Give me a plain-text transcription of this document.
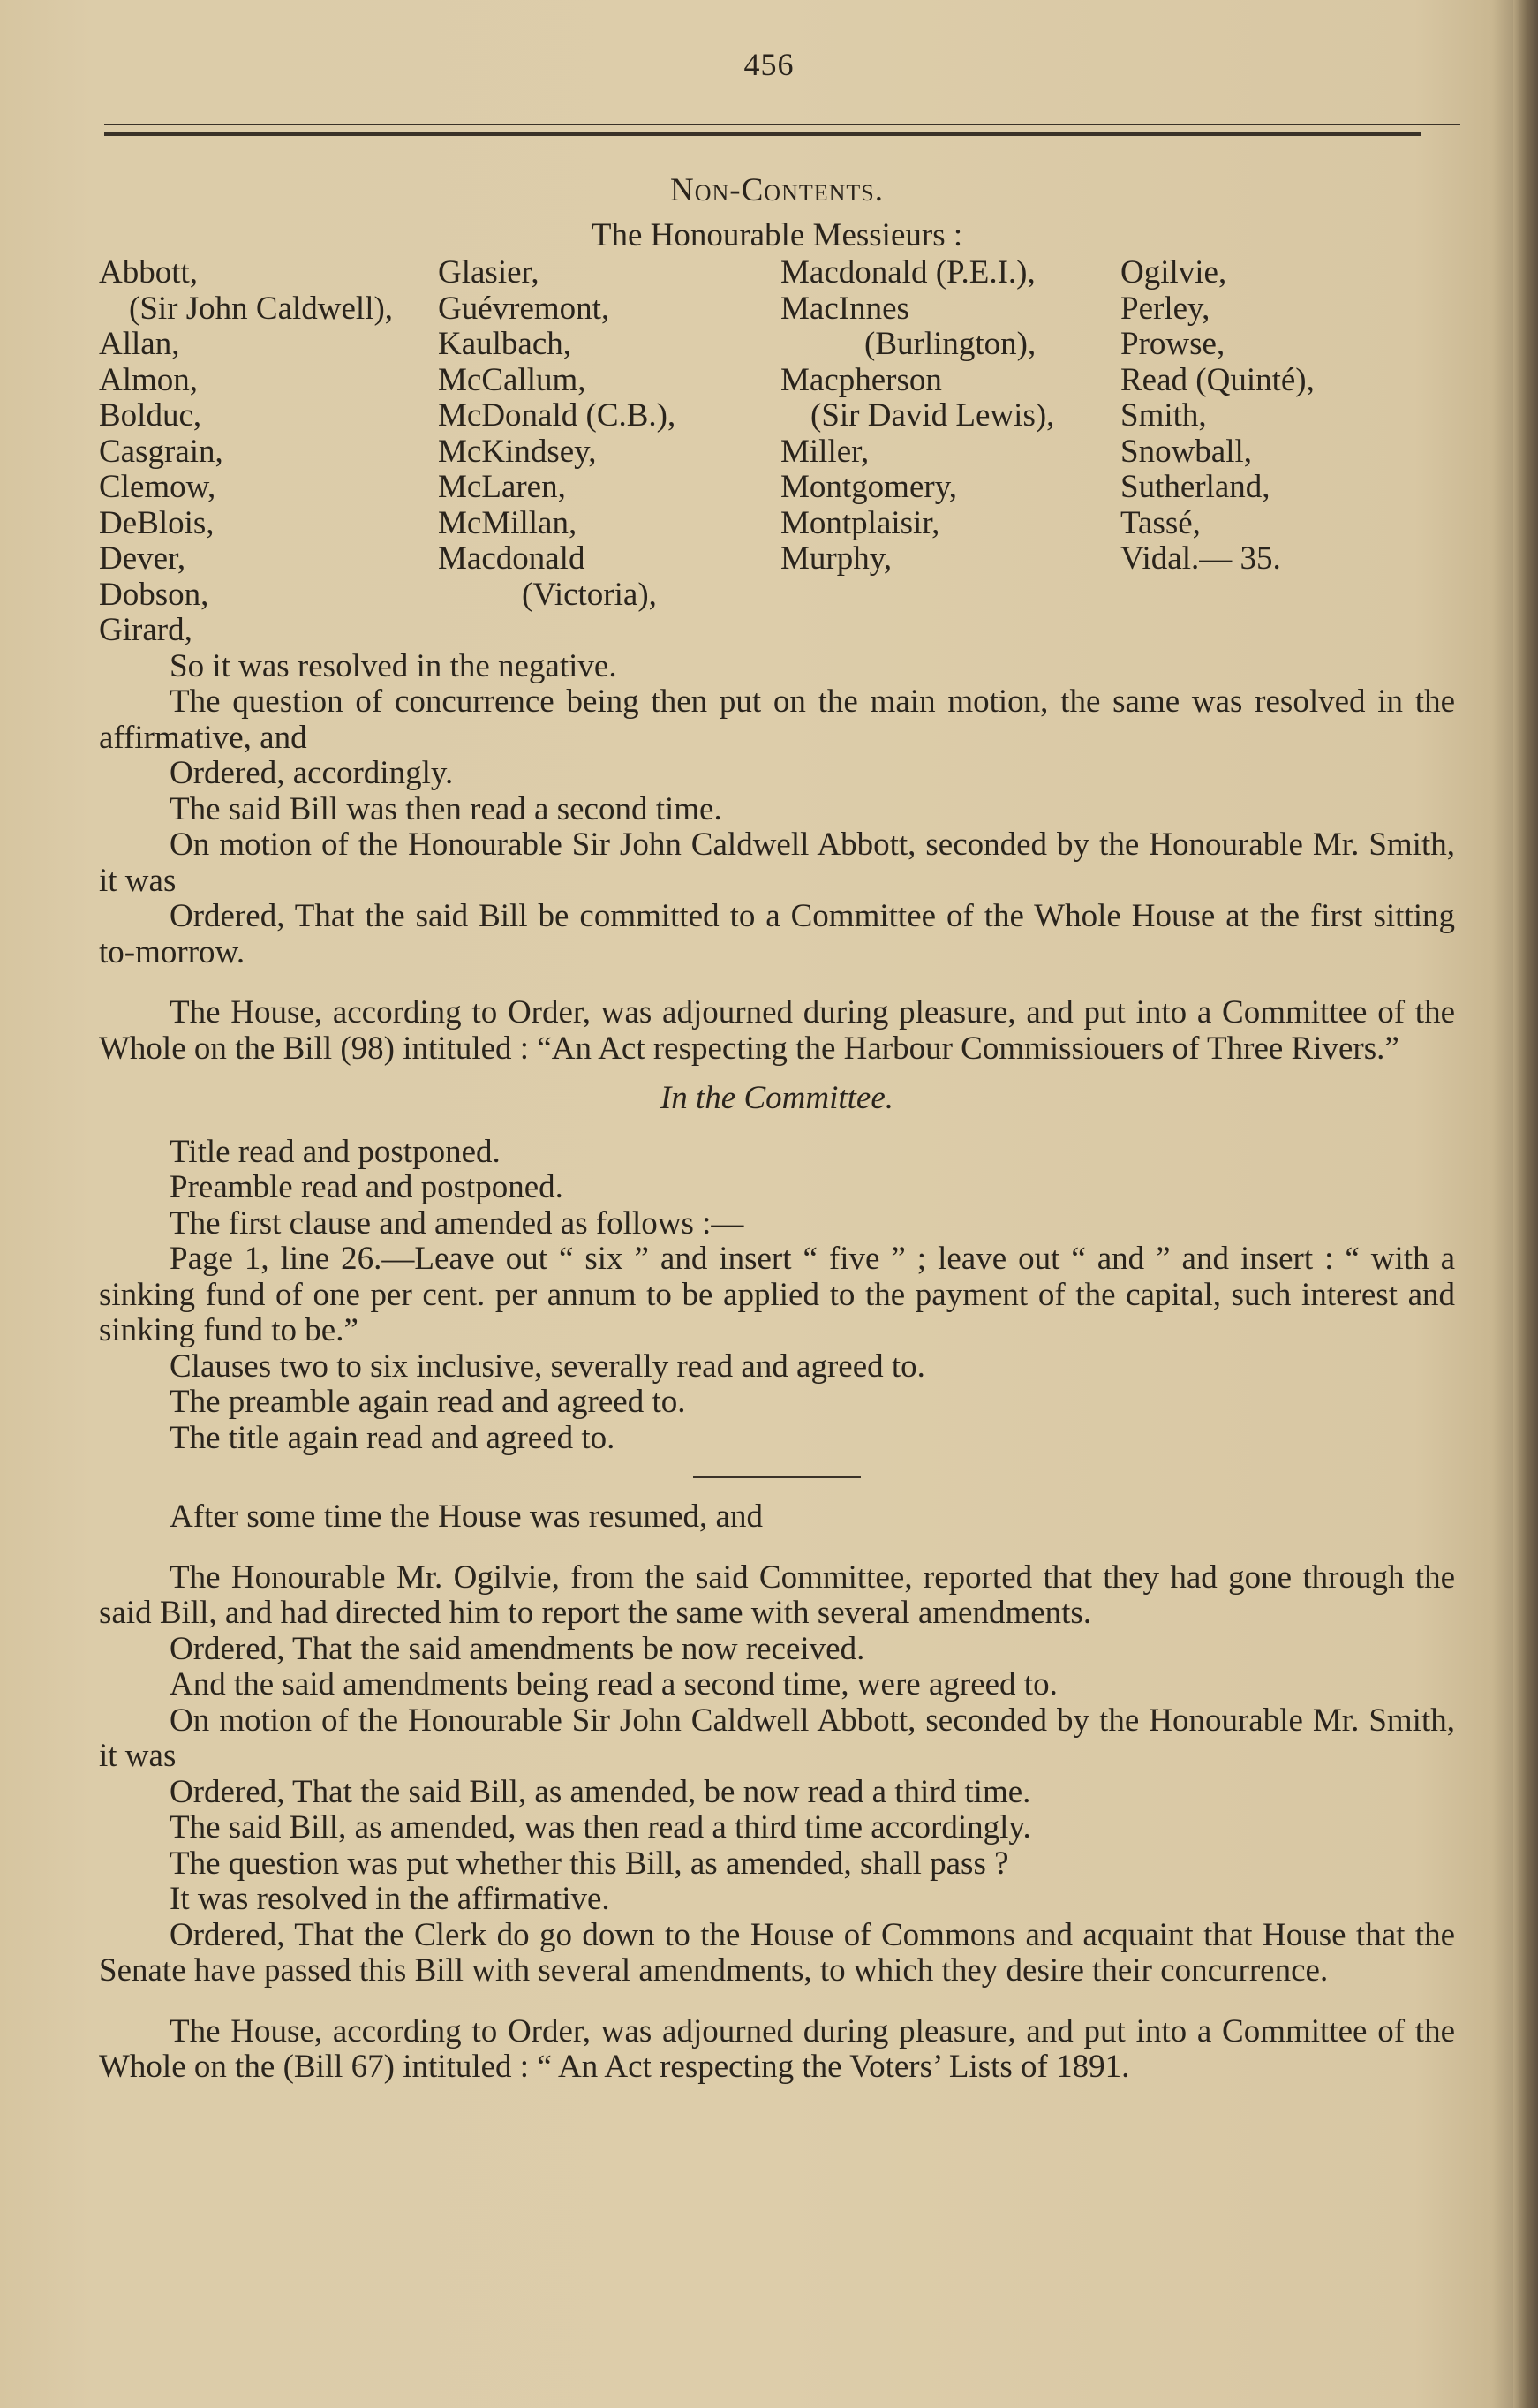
456
Non-Contents.
The Honourable Messieurs :
Abbott,
(Sir John Caldwell),
Allan,
Almon,
Bolduc,
Casgrain,
Clemow,
DeBlois,
Dever,
Dobson,
Girard,
Glasier,
Guévremont,
Kaulbach,
McCallum,
McDonald (C.B.),
McKindsey,
McLaren,
McMillan,
Macdonald
(Victoria),
Macdonald (P.E.I.),
MacInnes
(Burlington),
Macpherson
(Sir David Lewis),
Miller,
Montgomery,
Montplaisir,
Murphy,
Ogilvie,
Perley,
Prowse,
Read (Quinté),
Smith,
Snowball,
Sutherland,
Tassé,
Vidal.— 35.

So it was resolved in the negative.

The question of concurrence being then put on the main motion, the same was resolved in the affirmative, and

Ordered, accordingly.

The said Bill was then read a second time.

On motion of the Honourable Sir John Caldwell Abbott, seconded by the Honourable Mr. Smith, it was

Ordered, That the said Bill be committed to a Committee of the Whole House at the first sitting to-morrow.

The House, according to Order, was adjourned during pleasure, and put into a Committee of the Whole on the Bill (98) intituled : “An Act respecting the Harbour Commissiouers of Three Rivers.”

In the Committee.

Title read and postponed.

Preamble read and postponed.

The first clause and amended as follows :—

Page 1, line 26.—Leave out “ six ” and insert “ five ” ; leave out “ and ” and insert : “ with a sinking fund of one per cent. per annum to be applied to the payment of the capital, such interest and sinking fund to be.”

Clauses two to six inclusive, severally read and agreed to.

The preamble again read and agreed to.

The title again read and agreed to.

After some time the House was resumed, and

The Honourable Mr. Ogilvie, from the said Committee, reported that they had gone through the said Bill, and had directed him to report the same with several amendments.

Ordered, That the said amendments be now received.

And the said amendments being read a second time, were agreed to.

On motion of the Honourable Sir John Caldwell Abbott, seconded by the Honourable Mr. Smith, it was

Ordered, That the said Bill, as amended, be now read a third time.

The said Bill, as amended, was then read a third time accordingly.

The question was put whether this Bill, as amended, shall pass ?

It was resolved in the affirmative.

Ordered, That the Clerk do go down to the House of Commons and acquaint that House that the Senate have passed this Bill with several amendments, to which they desire their concurrence.

The House, according to Order, was adjourned during pleasure, and put into a Committee of the Whole on the (Bill 67) intituled : “ An Act respecting the Voters’ Lists of 1891.
